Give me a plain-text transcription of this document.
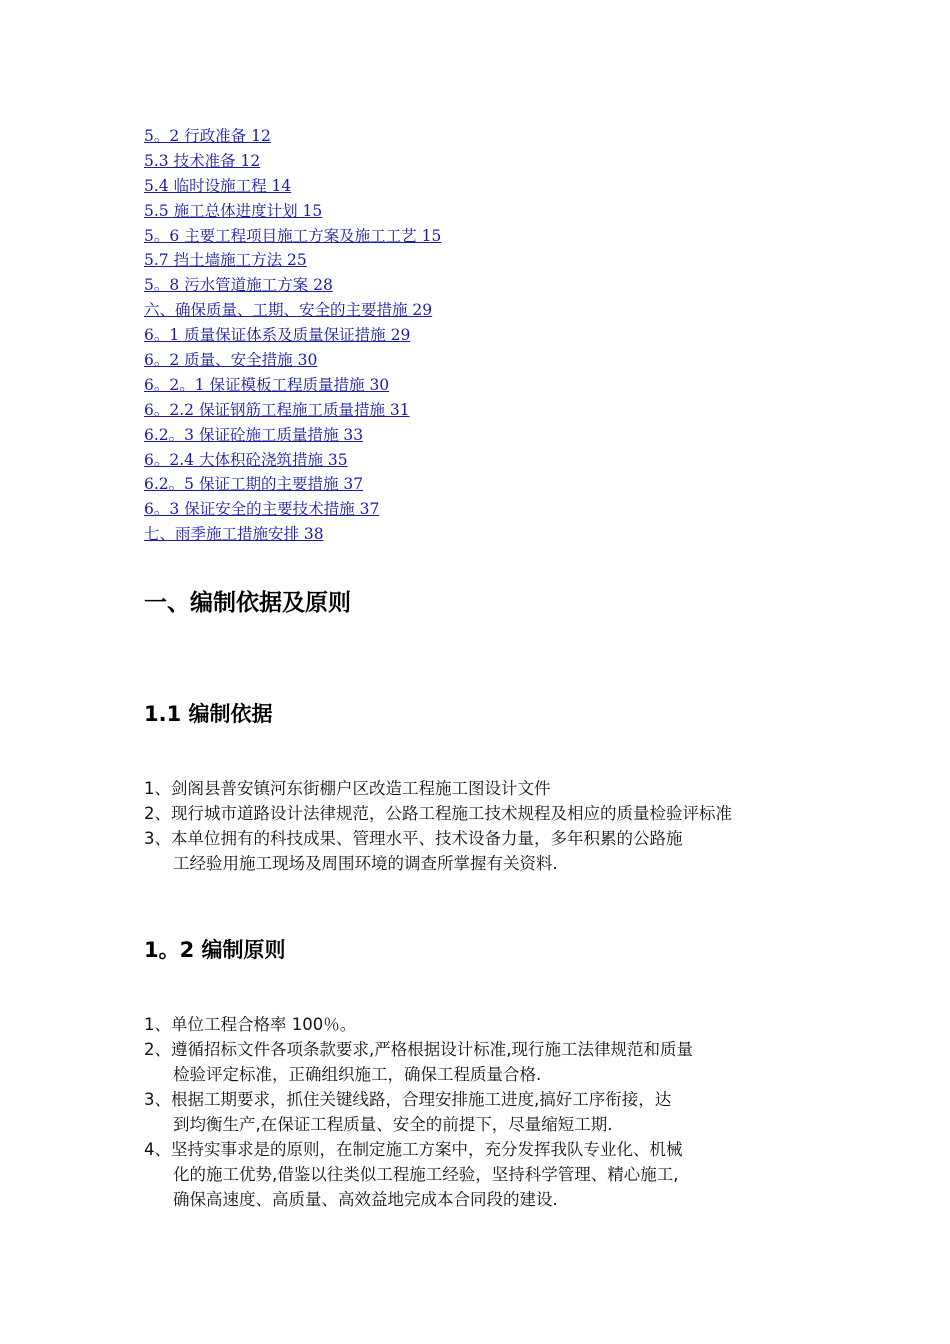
5。2 行政准备 12
5.3 技术准备 12
5.4 临时设施工程 14
5.5 施工总体进度计划 15
5。6 主要工程项目施工方案及施工工艺 15
5.7 挡土墙施工方法 25
5。8 污水管道施工方案 28
六、确保质量、工期、安全的主要措施 29
6。1 质量保证体系及质量保证措施 29
6。2 质量、安全措施 30
6。2。1 保证模板工程质量措施 30
6。2.2 保证钢筋工程施工质量措施 31
6.2。3 保证砼施工质量措施 33
6。2.4 大体积砼浇筑措施 35
6.2。5 保证工期的主要措施 37
6。3 保证安全的主要技术措施 37
七、雨季施工措施安排 38
一、编制依据及原则
1.1 编制依据
1、剑阁县普安镇河东街棚户区改造工程施工图设计文件
2、现行城市道路设计法律规范，公路工程施工技术规程及相应的质量检验评标准
3、本单位拥有的科技成果、管理水平、技术设备力量，多年积累的公路施
工经验用施工现场及周围环境的调查所掌握有关资料.
1。2 编制原则
1、单位工程合格率 100％。
2、遵循招标文件各项条款要求,严格根据设计标准,现行施工法律规范和质量
检验评定标准，正确组织施工，确保工程质量合格.
3、根据工期要求，抓住关键线路，合理安排施工进度,搞好工序衔接，达
到均衡生产,在保证工程质量、安全的前提下，尽量缩短工期.
4、坚持实事求是的原则，在制定施工方案中，充分发挥我队专业化、机械
化的施工优势,借鉴以往类似工程施工经验，坚持科学管理、精心施工,
确保高速度、高质量、高效益地完成本合同段的建设.
